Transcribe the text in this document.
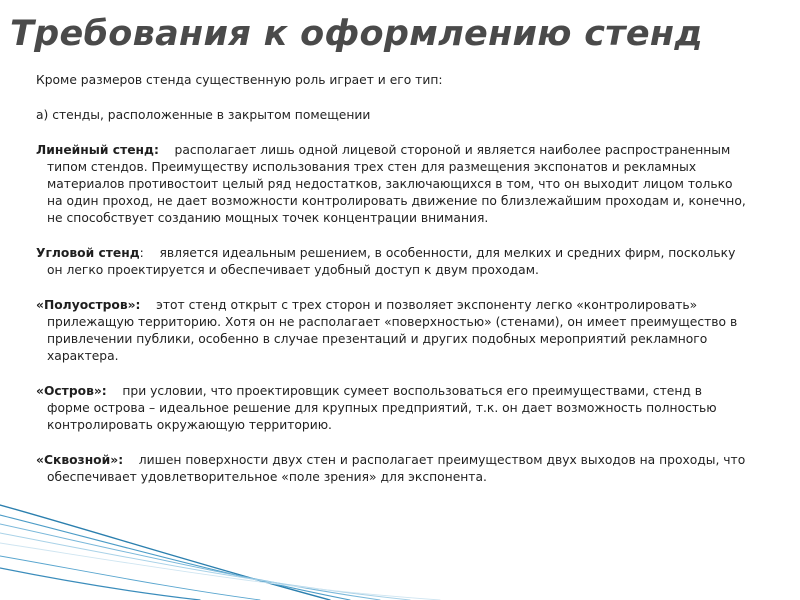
Требования к оформлению стенд
Кроме размеров стенда существенную роль играет и его тип:
а) стенды, расположенные в закрытом помещении
Линейный стенд: располагает лишь одной лицевой стороной и является наиболее распространенным типом стендов. Преимуществу использования трех стен для размещения экспонатов и рекламных материалов противостоит целый ряд недостатков, заключающихся в том, что он выходит лицом только на один проход, не дает возможности контролировать движение по близлежайшим проходам и, конечно, не способствует созданию мощных точек концентрации внимания.
Угловой стенд: является идеальным решением, в особенности, для мелких и средних фирм, поскольку он легко проектируется и обеспечивает удобный доступ к двум проходам.
«Полуостров»: этот стенд открыт с трех сторон и позволяет экспоненту легко «контролировать» прилежащую территорию. Хотя он не располагает «поверхностью» (стенами), он имеет преимущество в привлечении публики, особенно в случае презентаций и других подобных мероприятий рекламного характера.
«Остров»: при условии, что проектировщик сумеет воспользоваться его преимуществами, стенд в форме острова – идеальное решение для крупных предприятий, т.к. он дает возможность полностью контролировать окружающую территорию.
«Сквозной»: лишен поверхности двух стен и располагает преимуществом двух выходов на проходы, что обеспечивает удовлетворительное «поле зрения» для экспонента.
